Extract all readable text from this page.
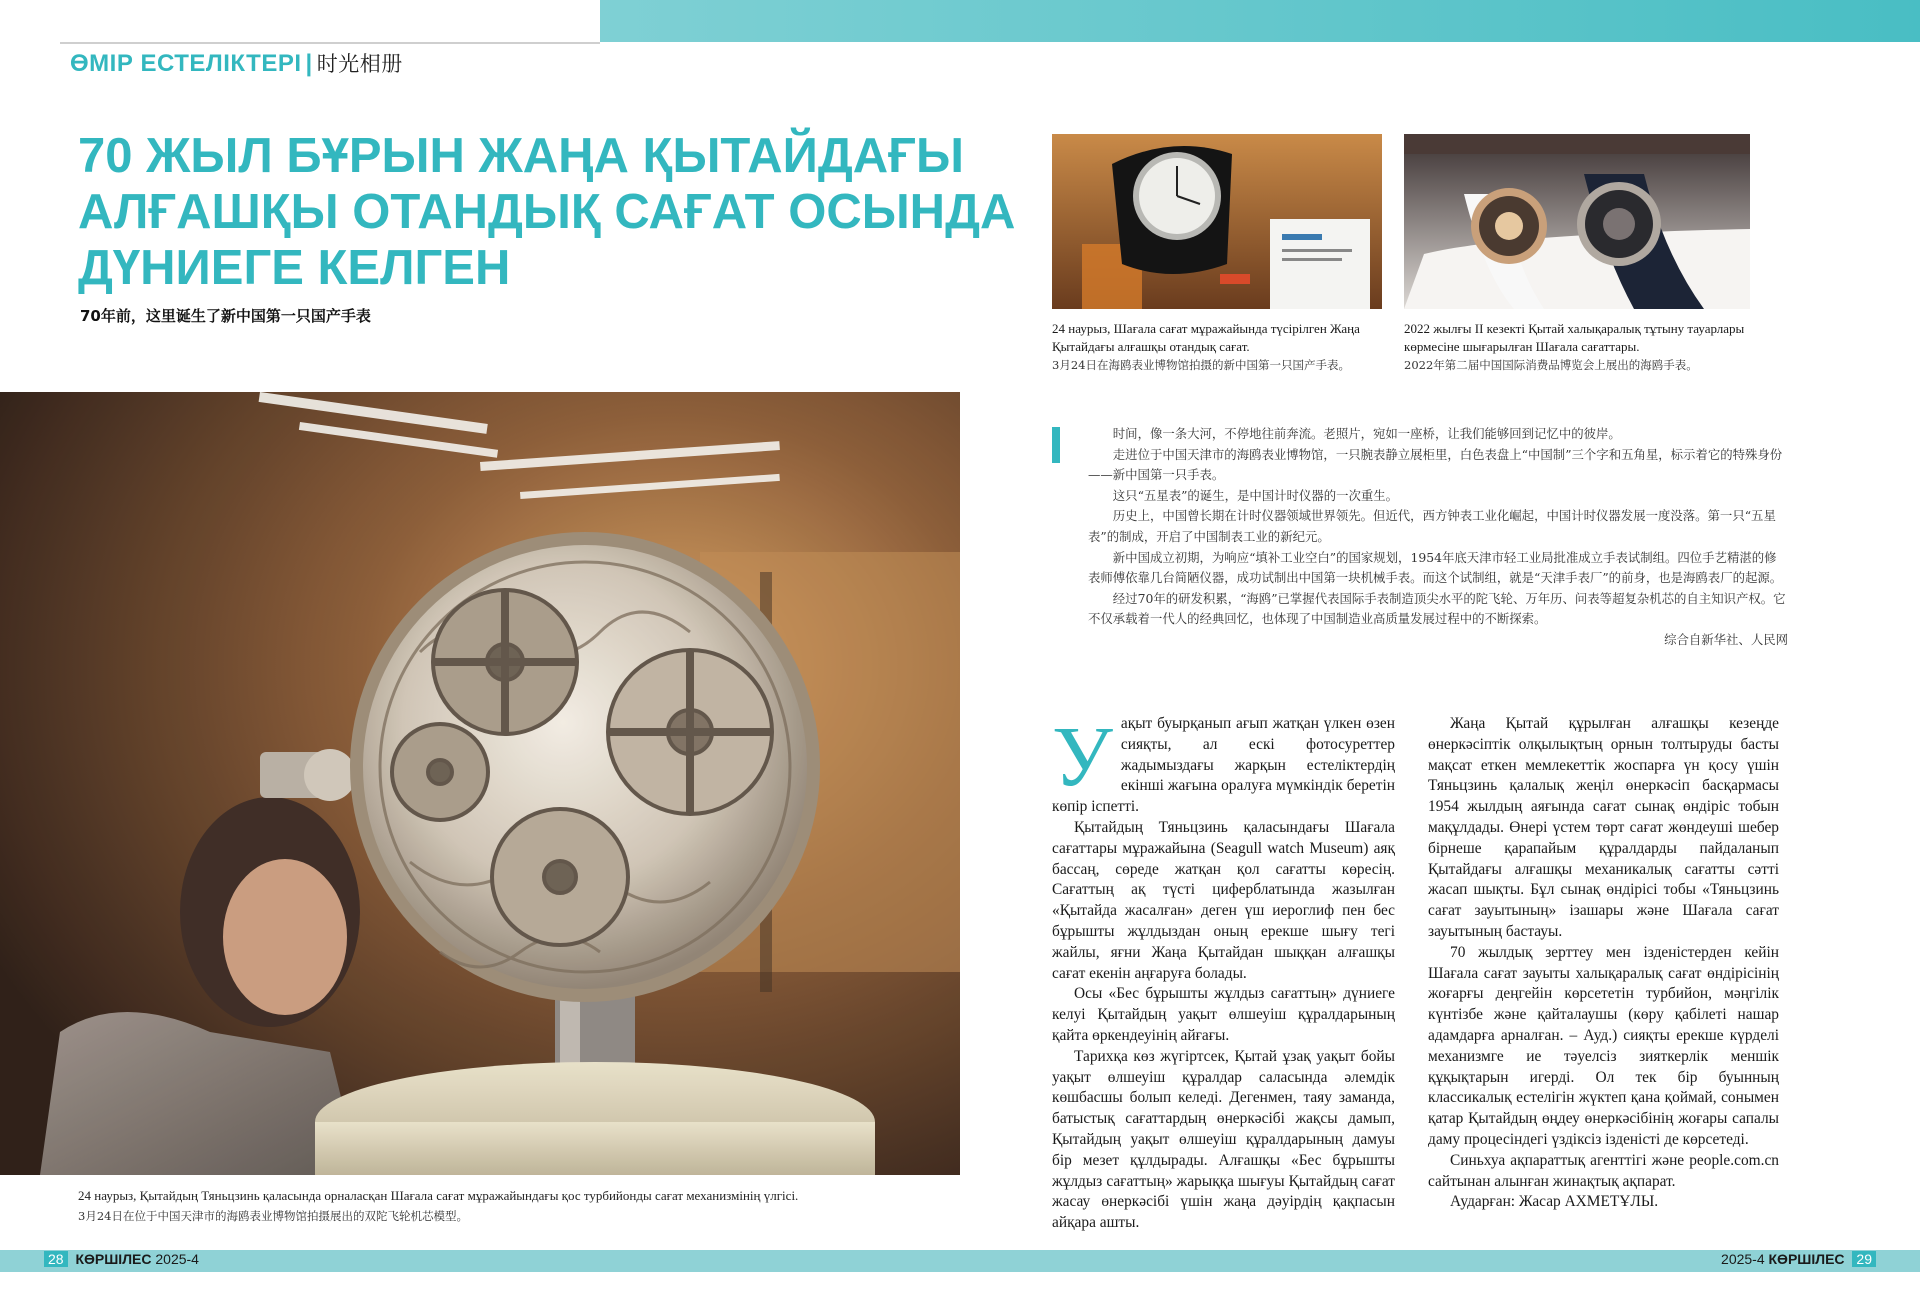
ӨМІР ЕСТЕЛІКТЕРІ | 时光相册
70 ЖЫЛ БҰРЫН ЖАҢА ҚЫТАЙДАҒЫ
АЛҒАШҚЫ ОТАНДЫҚ САҒАТ ОСЫНДА
ДҮНИЕГЕ КЕЛГЕН
70年前，这里诞生了新中国第一只国产手表
24 наурыз, Қытайдың Тяньцзинь қаласында орналасқан Шағала сағат мұражайындағы қос турбийонды сағат механизмінің үлгісі.
3月24日在位于中国天津市的海鸥表业博物馆拍摄展出的双陀飞轮机芯模型。
24 наурыз, Шағала сағат мұражайында түсірілген Жаңа Қытайдағы алғашқы отандық сағат.
3月24日在海鸥表业博物馆拍摄的新中国第一只国产手表。
2022 жылғы II кезекті Қытай халықаралық тұтыну тауарлары көрмесіне шығарылған Шағала сағаттары.
2022年第二届中国国际消费品博览会上展出的海鸥手表。

时间，像一条大河，不停地往前奔流。老照片，宛如一座桥，让我们能够回到记忆中的彼岸。

走进位于中国天津市的海鸥表业博物馆，一只腕表静立展柜里，白色表盘上“中国制”三个字和五角星，标示着它的特殊身份——新中国第一只手表。

这只“五星表”的诞生，是中国计时仪器的一次重生。

历史上，中国曾长期在计时仪器领域世界领先。但近代，西方钟表工业化崛起，中国计时仪器发展一度没落。第一只“五星表”的制成，开启了中国制表工业的新纪元。

新中国成立初期，为响应“填补工业空白”的国家规划，1954年底天津市轻工业局批准成立手表试制组。四位手艺精湛的修表师傅依靠几台简陋仪器，成功试制出中国第一块机械手表。而这个试制组，就是“天津手表厂”的前身，也是海鸥表厂的起源。

经过70年的研发积累，“海鸥”已掌握代表国际手表制造顶尖水平的陀飞轮、万年历、问表等超复杂机芯的自主知识产权。它不仅承载着一代人的经典回忆，也体现了中国制造业高质量发展过程中的不断探索。

综合自新华社、人民网

У ақыт буырқанып ағып жатқан үлкен өзен сияқты, ал ескі фотосуреттер жадымыздағы жарқын естеліктердің екінші жағына оралуға мүмкіндік беретін көпір іспетті.

Қытайдың Тяньцзинь қаласындағы Шағала сағаттары мұражайына (Seagull watch Museum) аяқ бассаң, сөреде жатқан қол сағатты көресің. Сағаттың ақ түсті циферблатында жазылған «Қытайда жасалған» деген үш иероглиф пен бес бұрышты жұлдыздан оның ерекше шығу тегі жайлы, яғни Жаңа Қытайдан шыққан алғашқы сағат екенін аңғаруға болады.

Осы «Бес бұрышты жұлдыз сағаттың» дүниеге келуі Қытайдың уақыт өлшеуіш құралдарының қайта өркендеуінің айғағы.

Тарихқа көз жүгіртсек, Қытай ұзақ уақыт бойы уақыт өлшеуіш құралдар саласында әлемдік көшбасшы болып келеді. Дегенмен, таяу заманда, батыстық сағаттардың өнеркәсібі жақсы дамып, Қытайдың уақыт өлшеуіш құралдарының дамуы бір мезет құлдырады. Алғашқы «Бес бұрышты жұлдыз сағаттың» жарыққа шығуы Қытайдың сағат жасау өнеркәсібі үшін жаңа дәуірдің қақпасын айқара ашты.

Жаңа Қытай құрылған алғашқы кезеңде өнеркәсіптік олқылықтың орнын толтыруды басты мақсат еткен мемлекеттік жоспарға үн қосу үшін Тяньцзинь қалалық жеңіл өнеркәсіп басқармасы 1954 жылдың аяғында сағат сынақ өндіріс тобын мақұлдады. Өнері үстем төрт сағат жөндеуші шебер бірнеше қарапайым құралдарды пайдаланып Қытайдағы алғашқы механикалық сағатты сәтті жасап шықты. Бұл сынақ өндірісі тобы «Тяньцзинь сағат зауытының» ізашары және Шағала сағат зауытының бастауы.

70 жылдық зерттеу мен ізденістерден кейін Шағала сағат зауыты халықаралық сағат өндірісінің жоғарғы деңгейін көрсететін турбийон, мәңгілік күнтізбе және қайталаушы (көру қабілеті нашар адамдарға арналған. – Ауд.) сияқты ерекше күрделі механизмге ие тәуелсіз зияткерлік меншік құқықтарын игерді. Ол тек бір буынның классикалық естелігін жүктеп қана қоймай, сонымен қатар Қытайдың өңдеу өнеркәсібінің жоғары сапалы даму процесіндегі үздіксіз ізденісті де көрсетеді.

Синьхуа ақпараттық агенттігі және people.com.cn сайтынан алынған жинақтық ақпарат.

Аударған: Жасар АХМЕТҰЛЫ.

28 КӨРШІЛЕС 2025-4	2025-4 КӨРШІЛЕС 29
